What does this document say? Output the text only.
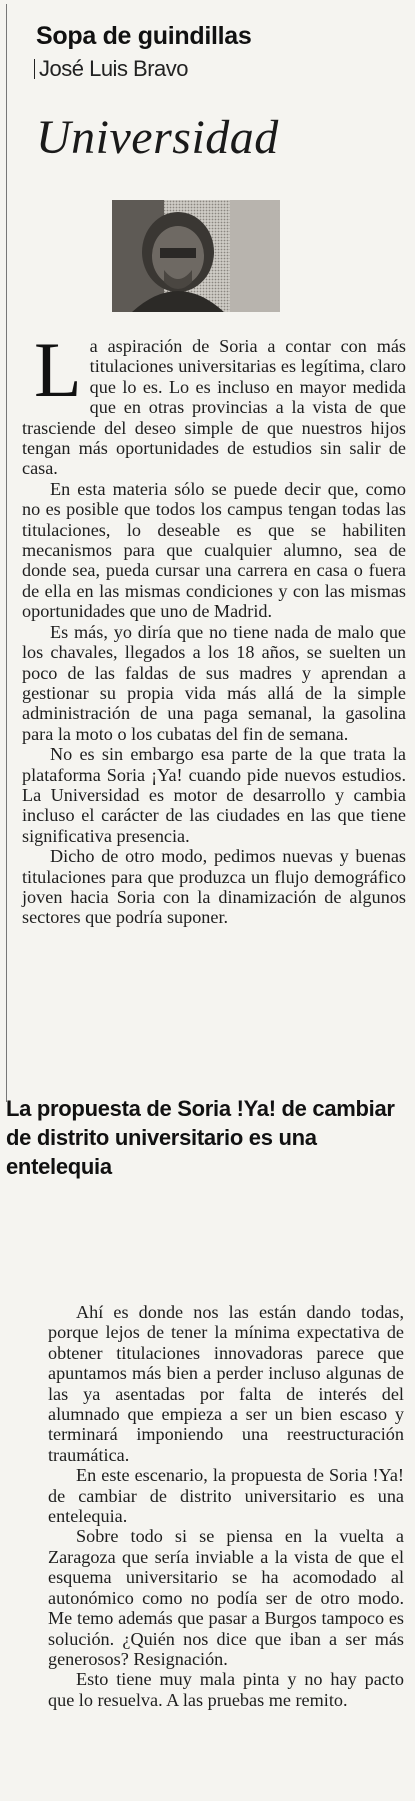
Sopa de guindillas
José Luis Bravo
Universidad

La aspiración de Soria a contar con más titulaciones universitarias es legítima, claro que lo es. Lo es incluso en mayor medida que en otras provincias a la vista de que trasciende del deseo simple de que nuestros hijos tengan más oportunidades de estudios sin salir de casa.

En esta materia sólo se puede decir que, como no es posible que todos los campus tengan todas las titulaciones, lo deseable es que se habiliten mecanismos para que cualquier alumno, sea de donde sea, pueda cursar una carrera en casa o fuera de ella en las mismas condiciones y con las mismas oportunidades que uno de Madrid.

Es más, yo diría que no tiene nada de malo que los chavales, llegados a los 18 años, se suelten un poco de las faldas de sus madres y aprendan a gestionar su propia vida más allá de la simple administración de una paga semanal, la gasolina para la moto o los cubatas del fin de semana.

No es sin embargo esa parte de la que trata la plataforma Soria ¡Ya! cuando pide nuevos estudios. La Universidad es motor de desarrollo y cambia incluso el carácter de las ciudades en las que tiene significativa presencia.

Dicho de otro modo, pedimos nuevas y buenas titulaciones para que produzca un flujo demográfico joven hacia Soria con la dinamización de algunos sectores que podría suponer.

La propuesta de Soria !Ya! de cambiar de distrito universitario es una entelequia

Ahí es donde nos las están dando todas, porque lejos de tener la mínima expectativa de obtener titulaciones innovadoras parece que apuntamos más bien a perder incluso algunas de las ya asentadas por falta de interés del alumnado que empieza a ser un bien escaso y terminará imponiendo una reestructuración traumática.

En este escenario, la propuesta de Soria !Ya! de cambiar de distrito universitario es una entelequia.

Sobre todo si se piensa en la vuelta a Zaragoza que sería inviable a la vista de que el esquema universitario se ha acomodado al autonómico como no podía ser de otro modo. Me temo además que pasar a Burgos tampoco es solución. ¿Quién nos dice que iban a ser más generosos? Resignación.

Esto tiene muy mala pinta y no hay pacto que lo resuelva. A las pruebas me remito.
